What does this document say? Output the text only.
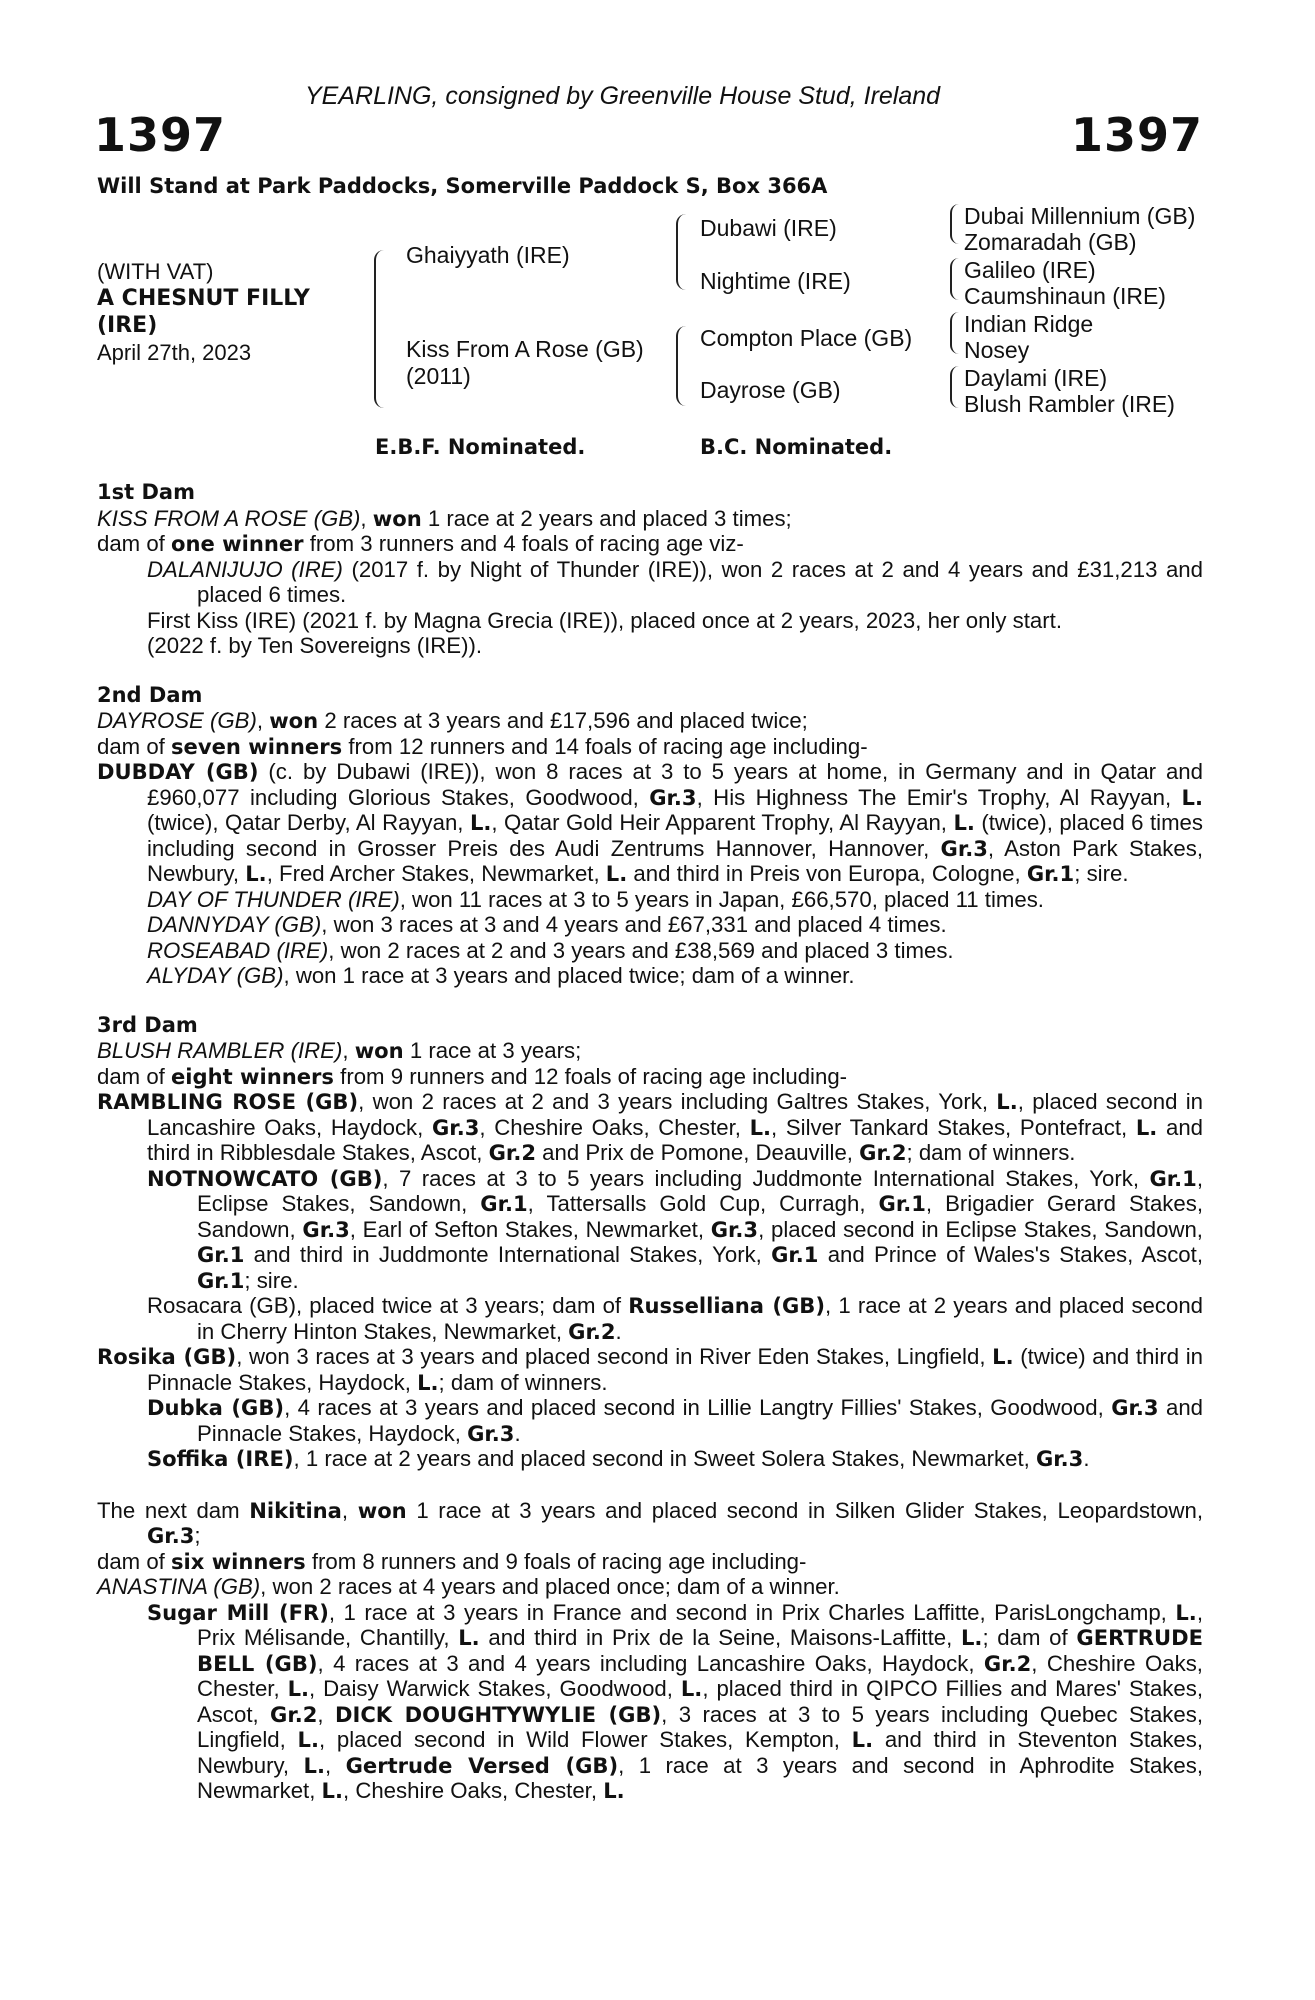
YEARLING, consigned by Greenville House Stud, Ireland
1397	1397
Will Stand at Park Paddocks, Somerville Paddock S, Box 366A
(WITH VAT)
A CHESNUT FILLY
(IRE)
April 27th, 2023
Ghaiyyath (IRE)
Kiss From A Rose (GB)
(2011)
Dubawi (IRE)
Nightime (IRE)
Compton Place (GB)
Dayrose (GB)
Dubai Millennium (GB)
Zomaradah (GB)
Galileo (IRE)
Caumshinaun (IRE)
Indian Ridge
Nosey
Daylami (IRE)
Blush Rambler (IRE)
E.B.F. Nominated.	B.C. Nominated.

1st Dam

KISS FROM A ROSE (GB), won 1 race at 2 years and placed 3 times;

dam of one winner from 3 runners and 4 foals of racing age viz-

DALANIJUJO (IRE) (2017 f. by Night of Thunder (IRE)), won 2 races at 2 and 4 years and £31,213 and placed 6 times.

First Kiss (IRE) (2021 f. by Magna Grecia (IRE)), placed once at 2 years, 2023, her only start.

(2022 f. by Ten Sovereigns (IRE)).

2nd Dam

DAYROSE (GB), won 2 races at 3 years and £17,596 and placed twice;

dam of seven winners from 12 runners and 14 foals of racing age including-

DUBDAY (GB) (c. by Dubawi (IRE)), won 8 races at 3 to 5 years at home, in Germany and in Qatar and £960,077 including Glorious Stakes, Goodwood, Gr.3, His Highness The Emir's Trophy, Al Rayyan, L. (twice), Qatar Derby, Al Rayyan, L., Qatar Gold Heir Apparent Trophy, Al Rayyan, L. (twice), placed 6 times including second in Grosser Preis des Audi Zentrums Hannover, Hannover, Gr.3, Aston Park Stakes, Newbury, L., Fred Archer Stakes, Newmarket, L. and third in Preis von Europa, Cologne, Gr.1; sire.

DAY OF THUNDER (IRE), won 11 races at 3 to 5 years in Japan, £66,570, placed 11 times.

DANNYDAY (GB), won 3 races at 3 and 4 years and £67,331 and placed 4 times.

ROSEABAD (IRE), won 2 races at 2 and 3 years and £38,569 and placed 3 times.

ALYDAY (GB), won 1 race at 3 years and placed twice; dam of a winner.

3rd Dam

BLUSH RAMBLER (IRE), won 1 race at 3 years;

dam of eight winners from 9 runners and 12 foals of racing age including-

RAMBLING ROSE (GB), won 2 races at 2 and 3 years including Galtres Stakes, York, L., placed second in Lancashire Oaks, Haydock, Gr.3, Cheshire Oaks, Chester, L., Silver Tankard Stakes, Pontefract, L. and third in Ribblesdale Stakes, Ascot, Gr.2 and Prix de Pomone, Deauville, Gr.2; dam of winners.

NOTNOWCATO (GB), 7 races at 3 to 5 years including Juddmonte International Stakes, York, Gr.1, Eclipse Stakes, Sandown, Gr.1, Tattersalls Gold Cup, Curragh, Gr.1, Brigadier Gerard Stakes, Sandown, Gr.3, Earl of Sefton Stakes, Newmarket, Gr.3, placed second in Eclipse Stakes, Sandown, Gr.1 and third in Juddmonte International Stakes, York, Gr.1 and Prince of Wales's Stakes, Ascot, Gr.1; sire.

Rosacara (GB), placed twice at 3 years; dam of Russelliana (GB), 1 race at 2 years and placed second in Cherry Hinton Stakes, Newmarket, Gr.2.

Rosika (GB), won 3 races at 3 years and placed second in River Eden Stakes, Lingfield, L. (twice) and third in Pinnacle Stakes, Haydock, L.; dam of winners.

Dubka (GB), 4 races at 3 years and placed second in Lillie Langtry Fillies' Stakes, Goodwood, Gr.3 and Pinnacle Stakes, Haydock, Gr.3.

Soffika (IRE), 1 race at 2 years and placed second in Sweet Solera Stakes, Newmarket, Gr.3.

The next dam Nikitina, won 1 race at 3 years and placed second in Silken Glider Stakes, Leopardstown, Gr.3;

dam of six winners from 8 runners and 9 foals of racing age including-

ANASTINA (GB), won 2 races at 4 years and placed once; dam of a winner.

Sugar Mill (FR), 1 race at 3 years in France and second in Prix Charles Laffitte, ParisLongchamp, L., Prix Mélisande, Chantilly, L. and third in Prix de la Seine, Maisons-Laffitte, L.; dam of GERTRUDE BELL (GB), 4 races at 3 and 4 years including Lancashire Oaks, Haydock, Gr.2, Cheshire Oaks, Chester, L., Daisy Warwick Stakes, Goodwood, L., placed third in QIPCO Fillies and Mares' Stakes, Ascot, Gr.2, DICK DOUGHTYWYLIE (GB), 3 races at 3 to 5 years including Quebec Stakes, Lingfield, L., placed second in Wild Flower Stakes, Kempton, L. and third in Steventon Stakes, Newbury, L., Gertrude Versed (GB), 1 race at 3 years and second in Aphrodite Stakes, Newmarket, L., Cheshire Oaks, Chester, L.
